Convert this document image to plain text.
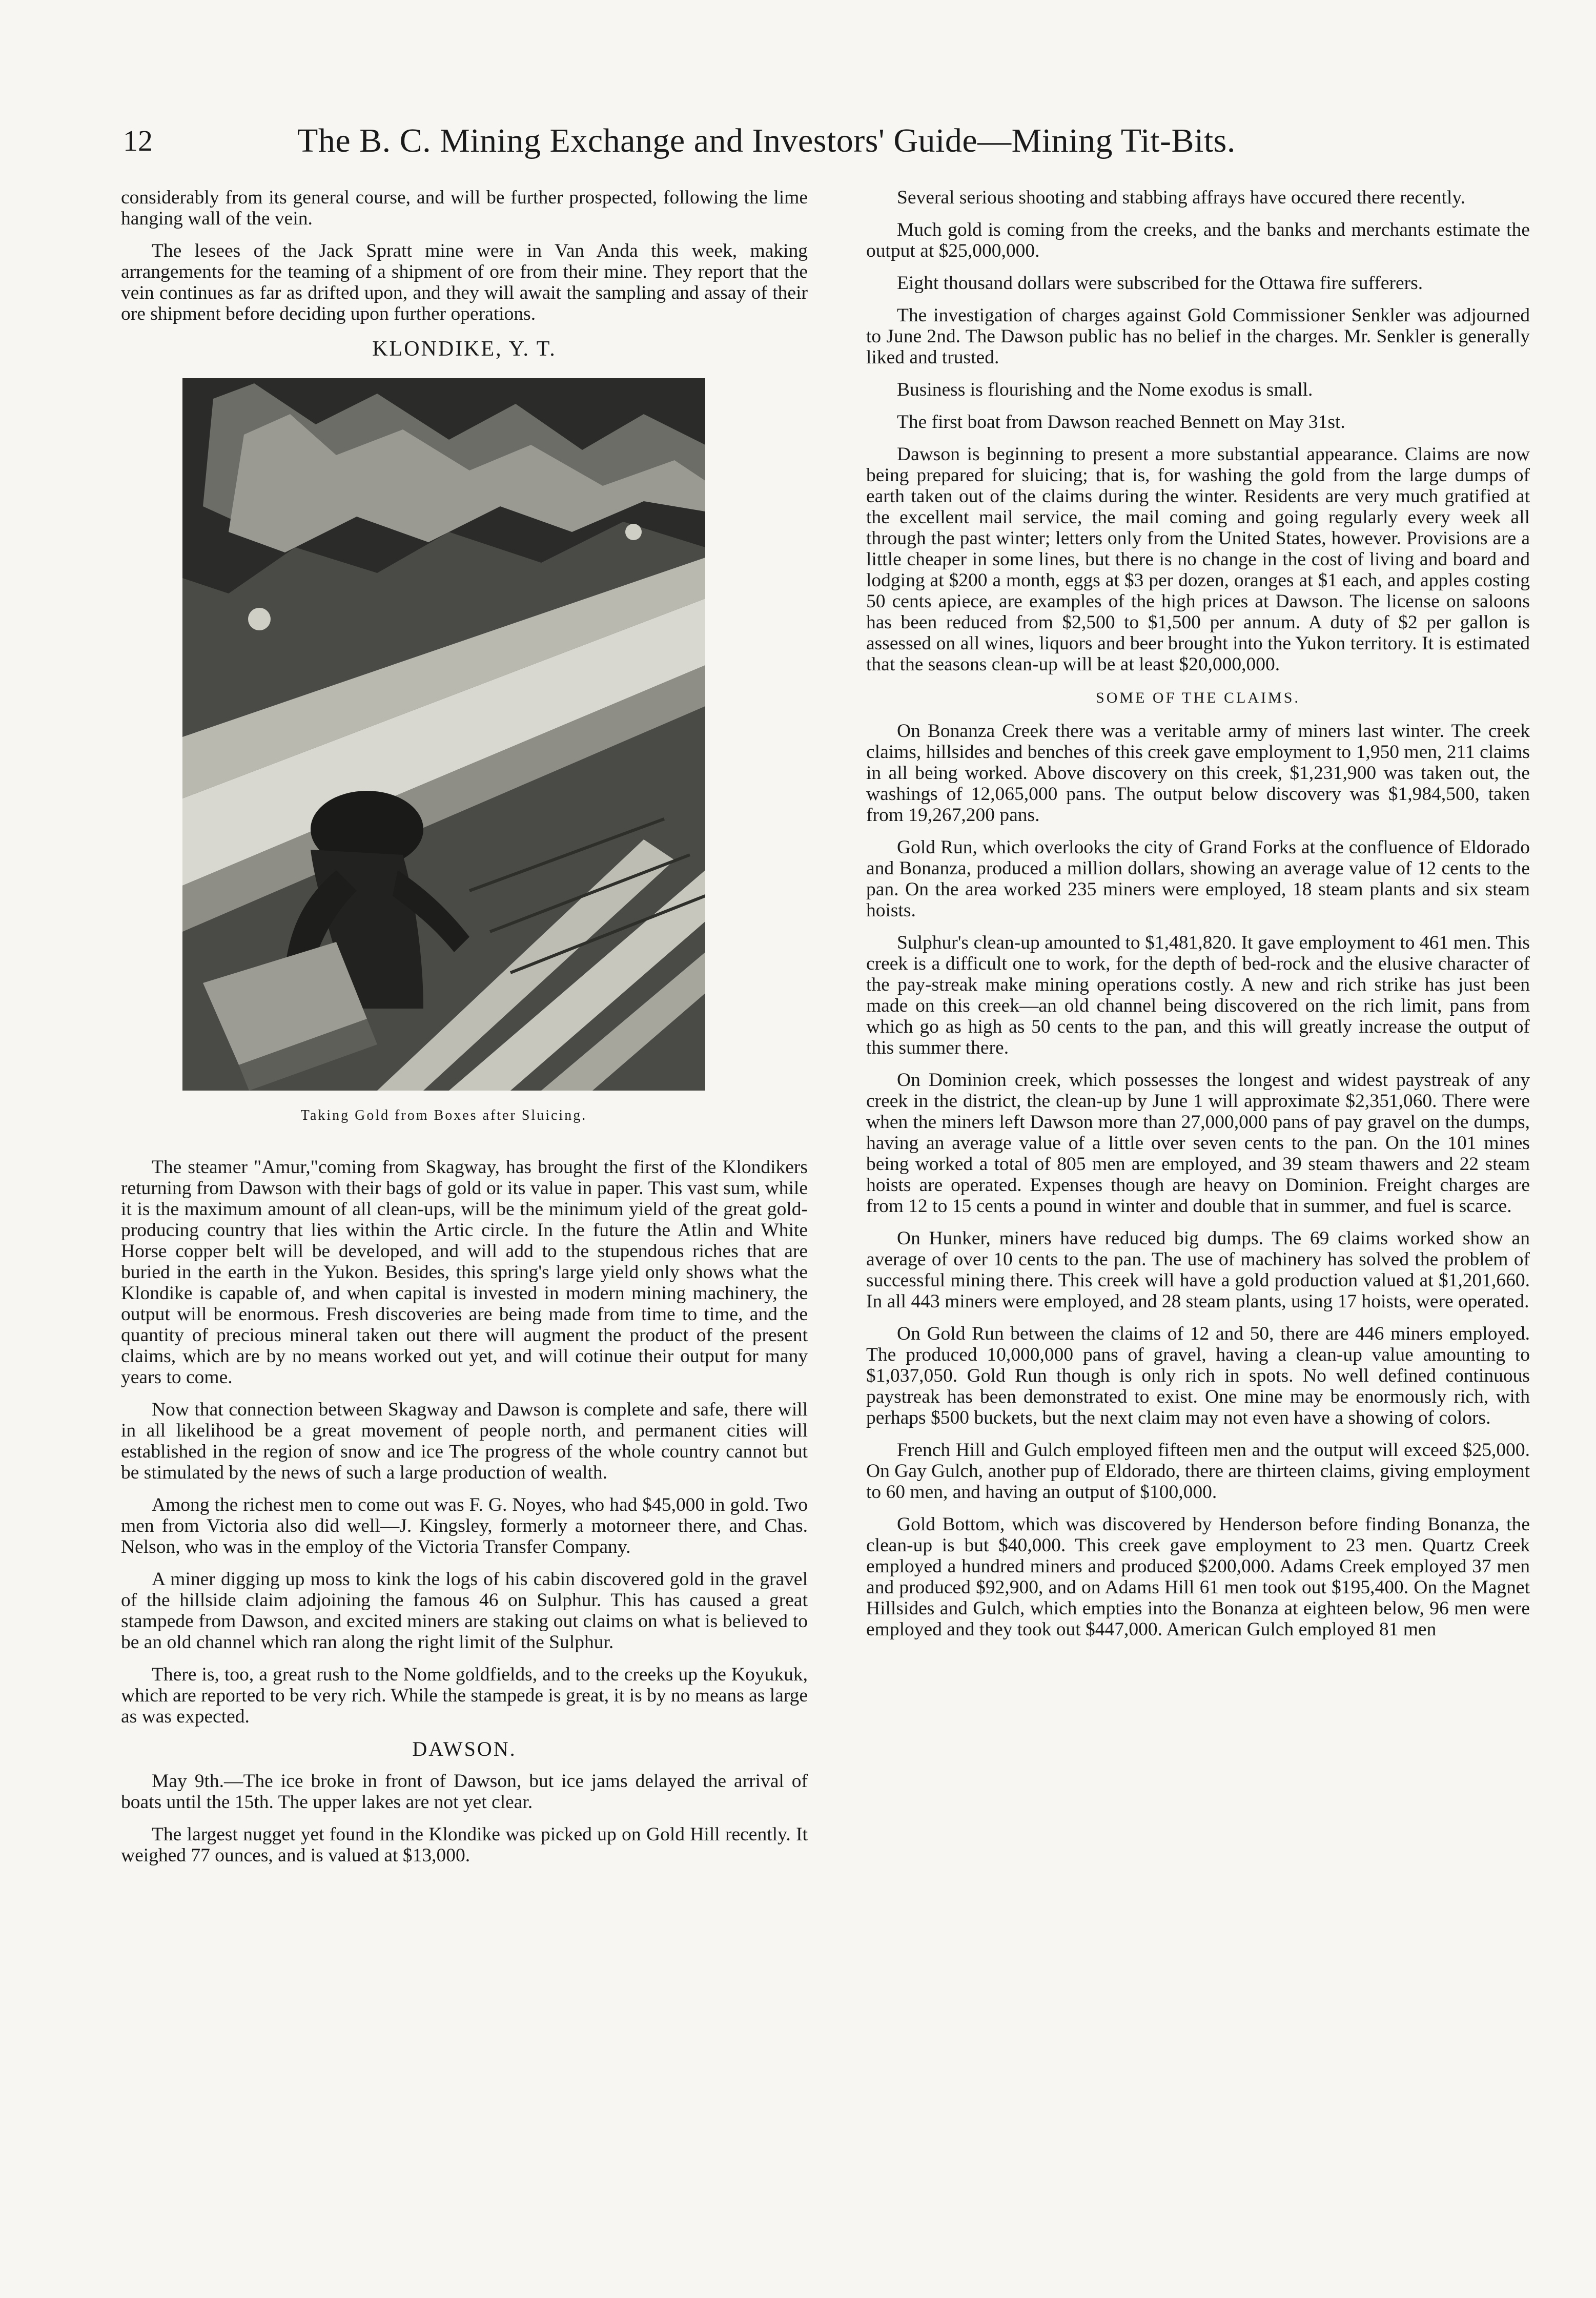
12	The B. C. Mining Exchange and Investors' Guide—Mining Tit-Bits.

considerably from its general course, and will be further prospected, following the lime hanging wall of the vein.

The lesees of the Jack Spratt mine were in Van Anda this week, making arrangements for the teaming of a shipment of ore from their mine. They report that the vein continues as far as drifted upon, and they will await the sampling and assay of their ore shipment before deciding upon further operations.

KLONDIKE, Y. T.
Taking Gold from Boxes after Sluicing.

The steamer "Amur,"coming from Skagway, has brought the first of the Klondikers returning from Dawson with their bags of gold or its value in paper. This vast sum, while it is the maximum amount of all clean-ups, will be the minimum yield of the great gold-producing country that lies within the Artic circle. In the future the Atlin and White Horse copper belt will be developed, and will add to the stupendous riches that are buried in the earth in the Yukon. Besides, this spring's large yield only shows what the Klondike is capable of, and when capital is invested in modern mining machinery, the output will be enormous. Fresh discoveries are being made from time to time, and the quantity of precious mineral taken out there will augment the product of the present claims, which are by no means worked out yet, and will cotinue their output for many years to come.

Now that connection between Skagway and Dawson is complete and safe, there will in all likelihood be a great movement of people north, and permanent cities will established in the region of snow and ice The progress of the whole country cannot but be stimulated by the news of such a large production of wealth.

Among the richest men to come out was F. G. Noyes, who had $45,000 in gold. Two men from Victoria also did well—J. Kingsley, formerly a motorneer there, and Chas. Nelson, who was in the employ of the Victoria Transfer Company.

A miner digging up moss to kink the logs of his cabin discovered gold in the gravel of the hillside claim adjoining the famous 46 on Sulphur. This has caused a great stampede from Dawson, and excited miners are staking out claims on what is believed to be an old channel which ran along the right limit of the Sulphur.

There is, too, a great rush to the Nome goldfields, and to the creeks up the Koyukuk, which are reported to be very rich. While the stampede is great, it is by no means as large as was expected.

DAWSON.

May 9th.—The ice broke in front of Dawson, but ice jams delayed the arrival of boats until the 15th. The upper lakes are not yet clear.

The largest nugget yet found in the Klondike was picked up on Gold Hill recently. It weighed 77 ounces, and is valued at $13,000.

Several serious shooting and stabbing affrays have occured there recently.

Much gold is coming from the creeks, and the banks and merchants estimate the output at $25,000,000.

Eight thousand dollars were subscribed for the Ottawa fire sufferers.

The investigation of charges against Gold Commissioner Senkler was adjourned to June 2nd. The Dawson public has no belief in the charges. Mr. Senkler is generally liked and trusted.

Business is flourishing and the Nome exodus is small.

The first boat from Dawson reached Bennett on May 31st.

Dawson is beginning to present a more substantial appearance. Claims are now being prepared for sluicing; that is, for washing the gold from the large dumps of earth taken out of the claims during the winter. Residents are very much gratified at the excellent mail service, the mail coming and going regularly every week all through the past winter; letters only from the United States, however. Provisions are a little cheaper in some lines, but there is no change in the cost of living and board and lodging at $200 a month, eggs at $3 per dozen, oranges at $1 each, and apples costing 50 cents apiece, are examples of the high prices at Dawson. The license on saloons has been reduced from $2,500 to $1,500 per annum. A duty of $2 per gallon is assessed on all wines, liquors and beer brought into the Yukon territory. It is estimated that the seasons clean-up will be at least $20,000,000.

SOME OF THE CLAIMS.

On Bonanza Creek there was a veritable army of miners last winter. The creek claims, hillsides and benches of this creek gave employment to 1,950 men, 211 claims in all being worked. Above discovery on this creek, $1,231,900 was taken out, the washings of 12,065,000 pans. The output below discovery was $1,984,500, taken from 19,267,200 pans.

Gold Run, which overlooks the city of Grand Forks at the confluence of Eldorado and Bonanza, produced a million dollars, showing an average value of 12 cents to the pan. On the area worked 235 miners were employed, 18 steam plants and six steam hoists.

Sulphur's clean-up amounted to $1,481,820. It gave employment to 461 men. This creek is a difficult one to work, for the depth of bed-rock and the elusive character of the pay-streak make mining operations costly. A new and rich strike has just been made on this creek—an old channel being discovered on the rich limit, pans from which go as high as 50 cents to the pan, and this will greatly increase the output of this summer there.

On Dominion creek, which possesses the longest and widest paystreak of any creek in the district, the clean-up by June 1 will approximate $2,351,060. There were when the miners left Dawson more than 27,000,000 pans of pay gravel on the dumps, having an average value of a little over seven cents to the pan. On the 101 mines being worked a total of 805 men are employed, and 39 steam thawers and 22 steam hoists are operated. Expenses though are heavy on Dominion. Freight charges are from 12 to 15 cents a pound in winter and double that in summer, and fuel is scarce.

On Hunker, miners have reduced big dumps. The 69 claims worked show an average of over 10 cents to the pan. The use of machinery has solved the problem of successful mining there. This creek will have a gold production valued at $1,201,660. In all 443 miners were employed, and 28 steam plants, using 17 hoists, were operated.

On Gold Run between the claims of 12 and 50, there are 446 miners employed. The produced 10,000,000 pans of gravel, having a clean-up value amounting to $1,037,050. Gold Run though is only rich in spots. No well defined continuous paystreak has been demonstrated to exist. One mine may be enormously rich, with perhaps $500 buckets, but the next claim may not even have a showing of colors.

French Hill and Gulch employed fifteen men and the output will exceed $25,000. On Gay Gulch, another pup of Eldorado, there are thirteen claims, giving employment to 60 men, and having an output of $100,000.

Gold Bottom, which was discovered by Henderson before finding Bonanza, the clean-up is but $40,000. This creek gave employment to 23 men. Quartz Creek employed a hundred miners and produced $200,000. Adams Creek employed 37 men and produced $92,900, and on Adams Hill 61 men took out $195,400. On the Magnet Hillsides and Gulch, which empties into the Bonanza at eighteen below, 96 men were employed and they took out $447,000. American Gulch employed 81 men
